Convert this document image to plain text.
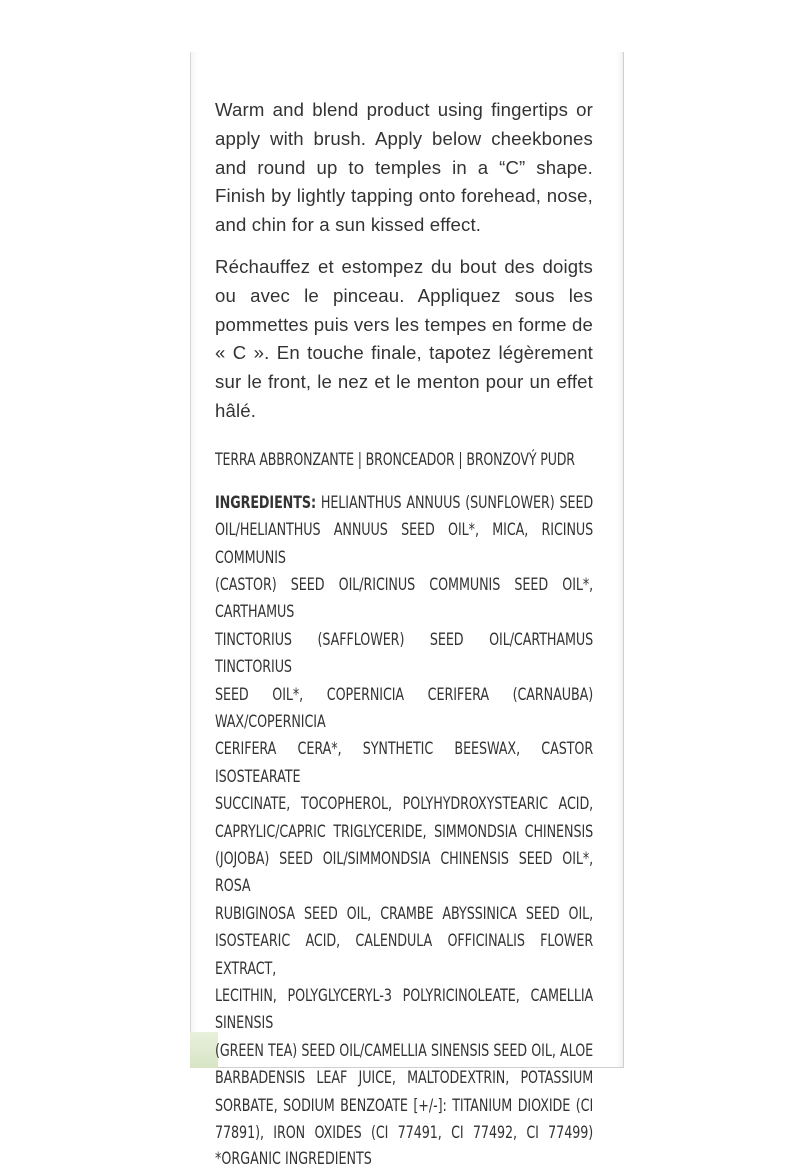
Warm and blend product using fingertips or apply with brush. Apply below cheekbones and round up to temples in a “C” shape. Finish by lightly tapping onto forehead, nose, and chin for a sun kissed effect.

Réchauffez et estompez du bout des doigts ou avec le pinceau. Appliquez sous les pommettes puis vers les tempes en forme de « C ». En touche finale, tapotez légèrement sur le front, le nez et le menton pour un effet hâlé.

TERRA ABBRONZANTE | BRONCEADOR | BRONZOVÝ PUDR
INGREDIENTS: HELIANTHUS ANNUUS (SUNFLOWER) SEED
OIL/HELIANTHUS ANNUUS SEED OIL*, MICA, RICINUS COMMUNIS
(CASTOR) SEED OIL/RICINUS COMMUNIS SEED OIL*, CARTHAMUS
TINCTORIUS (SAFFLOWER) SEED OIL/CARTHAMUS TINCTORIUS
SEED OIL*, COPERNICIA CERIFERA (CARNAUBA) WAX/COPERNICIA
CERIFERA CERA*, SYNTHETIC BEESWAX, CASTOR ISOSTEARATE
SUCCINATE, TOCOPHEROL, POLYHYDROXYSTEARIC ACID,
CAPRYLIC/CAPRIC TRIGLYCERIDE, SIMMONDSIA CHINENSIS
(JOJOBA) SEED OIL/SIMMONDSIA CHINENSIS SEED OIL*, ROSA
RUBIGINOSA SEED OIL, CRAMBE ABYSSINICA SEED OIL,
ISOSTEARIC ACID, CALENDULA OFFICINALIS FLOWER EXTRACT,
LECITHIN, POLYGLYCERYL-3 POLYRICINOLEATE, CAMELLIA SINENSIS
(GREEN TEA) SEED OIL/CAMELLIA SINENSIS SEED OIL, ALOE
BARBADENSIS LEAF JUICE, MALTODEXTRIN, POTASSIUM
SORBATE, SODIUM BENZOATE [+/-]: TITANIUM DIOXIDE (CI
77891), IRON OXIDES (CI 77491, CI 77492, CI 77499)
*ORGANIC INGREDIENTS
